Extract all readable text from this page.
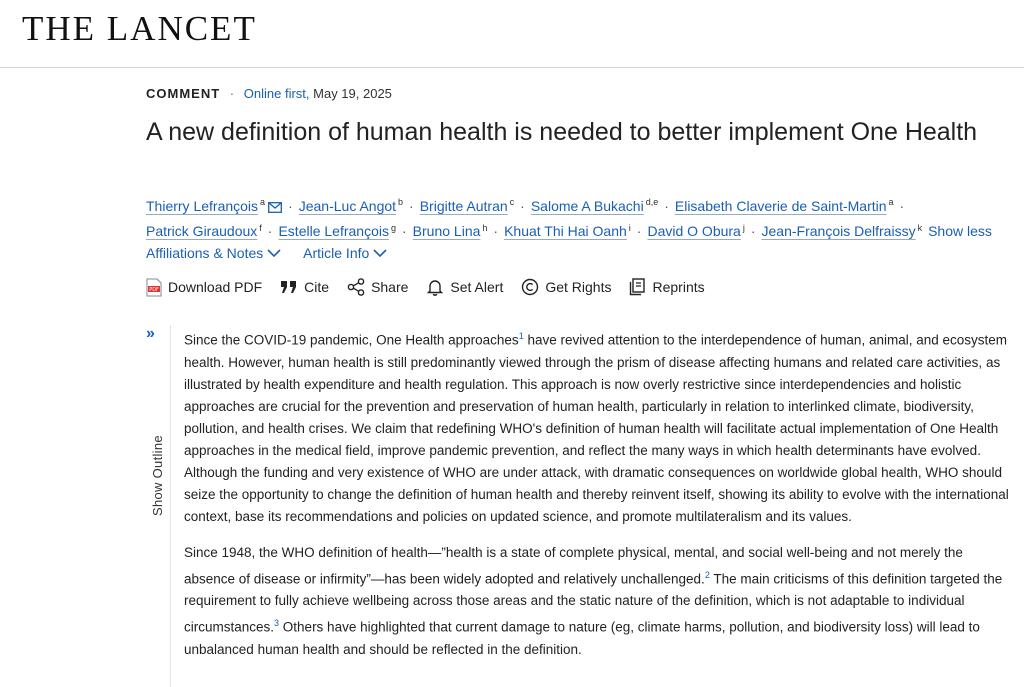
THE LANCET
COMMENT · Online first, May 19, 2025
A new definition of human health is needed to better implement One Health
Thierry Lefrançois $^a$ · Jean-Luc Angot $^b$ · Brigitte Autran $^c$ · Salome A Bukachi $^{d,e}$ · Elisabeth Claverie de Saint-Martin $^a$ ·
Patrick Giraudoux $^f$ · Estelle Lefrançois $^g$ · Bruno Lina $^h$ · Khuat Thi Hai Oanh $^i$ · David O Obura $^j$ · Jean-François Delfraissy $^k$ Show less
Affiliations & Notes
	Article Info
PDF Download PDF	Cite	Share	Set Alert	Get Rights	Reprints
»
Show Outline

Since the COVID-19 pandemic, One Health approaches$^1$ have revived attention to the interdependence of human, animal, and ecosystem health. However, human health is still predominantly viewed through the prism of disease affecting humans and related care activities, as illustrated by health expenditure and health regulation. This approach is now overly restrictive since interdependencies and holistic approaches are crucial for the prevention and preservation of human health, particularly in relation to interlinked climate, biodiversity, pollution, and health crises. We claim that redefining WHO's definition of human health will facilitate actual implementation of One Health approaches in the medical field, improve pandemic prevention, and reflect the many ways in which health determinants have evolved. Although the funding and very existence of WHO are under attack, with dramatic consequences on worldwide global health, WHO should seize the opportunity to change the definition of human health and thereby reinvent itself, showing its ability to evolve with the international context, base its recommendations and policies on updated science, and promote multilateralism and its values.

Since 1948, the WHO definition of health—”health is a state of complete physical, mental, and social well-being and not merely the absence of disease or infirmity”—has been widely adopted and relatively unchallenged.$^2$ The main criticisms of this definition targeted the requirement to fully achieve wellbeing across those areas and the static nature of the definition, which is not adaptable to individual circumstances.$^3$ Others have highlighted that current damage to nature (eg, climate harms, pollution, and biodiversity loss) will lead to unbalanced human health and should be reflected in the definition.
